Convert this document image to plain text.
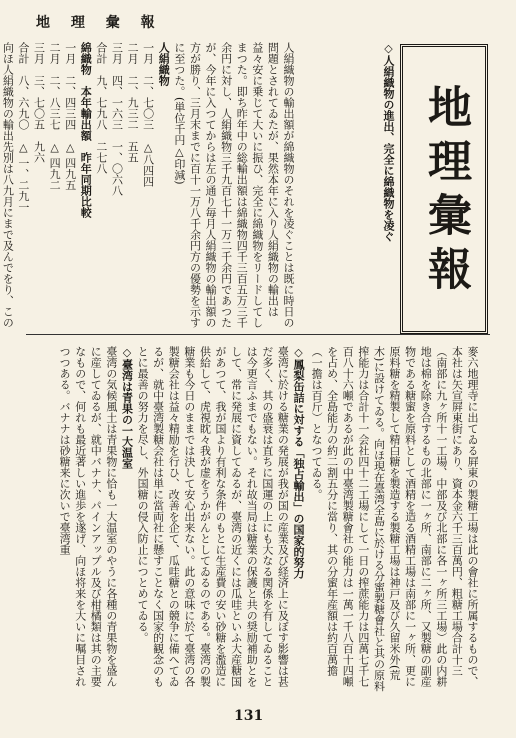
地 理 彙 報
地理彙報

◇人絹織物の進出、完全に綿織物を凌ぐ

人絹織物の輸出額が綿織物のそれを凌ぐことは既に時日の問題とされてゐたが、果然本年に入り人絹織物の輸出は益々安に乗じて大いに振ひ、完全に綿織物をリードしてしまつた。即ち昨年中の総輸出額は綿織物四千三百五万三千余円に対し、人絹織物三千九百七十一万二千余円であつたが、今年に入つてからは左の通り毎月人絹織物の輸出額の方が勝り、三月末までに百十一万八千余円方の優勢を示すに至つた。(単位千円△印減)

人絹織物

一月　二、七〇三　△八四四

二月　二、九三二　五五

三月　四、一六三　一、〇六八

合計　九、七九八　二七八

綿織物　本年輸出額　昨年同期比較

一月　二、四三四　△ 四九五

二月　二、八三七　△ 四九二

三月　三、七〇五　九六

合計　八、六九〇　△ 一、二九一

向ほ人絹織物の輸出先別は八九月にまで及んでをり、この

麥六地理寺に出てゐる屛東の製糖工場は此の會社に所属するもので、本社は矢宣屛東街にあり、資本金六千三百萬円、粗糖工場合計十三（南部に九ヶ所十一工場、中部及び北部に各一ヶ所三工場）此の内耕地は棉を除き合するもの北部に一ヶ所、南部に二ヶ所、又製糖の副産物である糖蜜を原料として酒精を造る酒精工場は南部に一ヶ所、更に原料糖を精製して精白糖を製造する製糖工場は神戸及び久留米外(荒木)に設けてゐる。向ほ現在臺湾全島に於ける分蜜製糖會社と其の原料搾能力は合計十一会社四十二工場にして一日の搾蔗能力は四萬七千七百八十六噸であるが此の中臺湾製糖會社の能力は一萬一千八百十四噸を占め、全島能力の約二割五分に當り、其の分蜜年産額は約百萬擔（一擔は百斤）となつてゐる。

◇鳳梨缶詰に対する「独占輸出」の国家的努力

臺湾に於ける糖業の発展が我が国の産業及び経済上に及ぼす影響は甚だ多く、其の盛衰は直ちに国運の上にも大なる関係を有してゐることは今更言ふまでもない。それ故当局は糖業の保護と共の奨励補助とをして、常に発展に資してゐるが、臺湾の近くには瓜哇といふ大産糖国があつて、我が国より有利な条件のもとに生産費の安い砂糖を濫造に供給して、虎視眈々我が虚をうかがんとしてゐるのである。臺湾の製糖業も今日のままでは決して安心出来ない。此の意味に於て臺湾の各製糖会社は益々精励を行ひ、改善を企て、瓜哇糖との競争に備へてゐるが、就中臺湾製糖会社は単に當両社に懸すことなく国家的観念のもとに最善の努力を尽し、外国糖の侵入防止につとめてゐる。

◇臺湾は青果の一大温室

臺湾の気候風土は青果物に恰も一大温室のやうに各種の青果物を盛んに産してゐるが、就中バナナ、パインアップル及び柑橘類は其の主要なもので、何れも最近著しい進歩を遂げ、向ほ将来を大いに嘱目されつつある。バナナは砂糖来に次いで臺湾重

131
